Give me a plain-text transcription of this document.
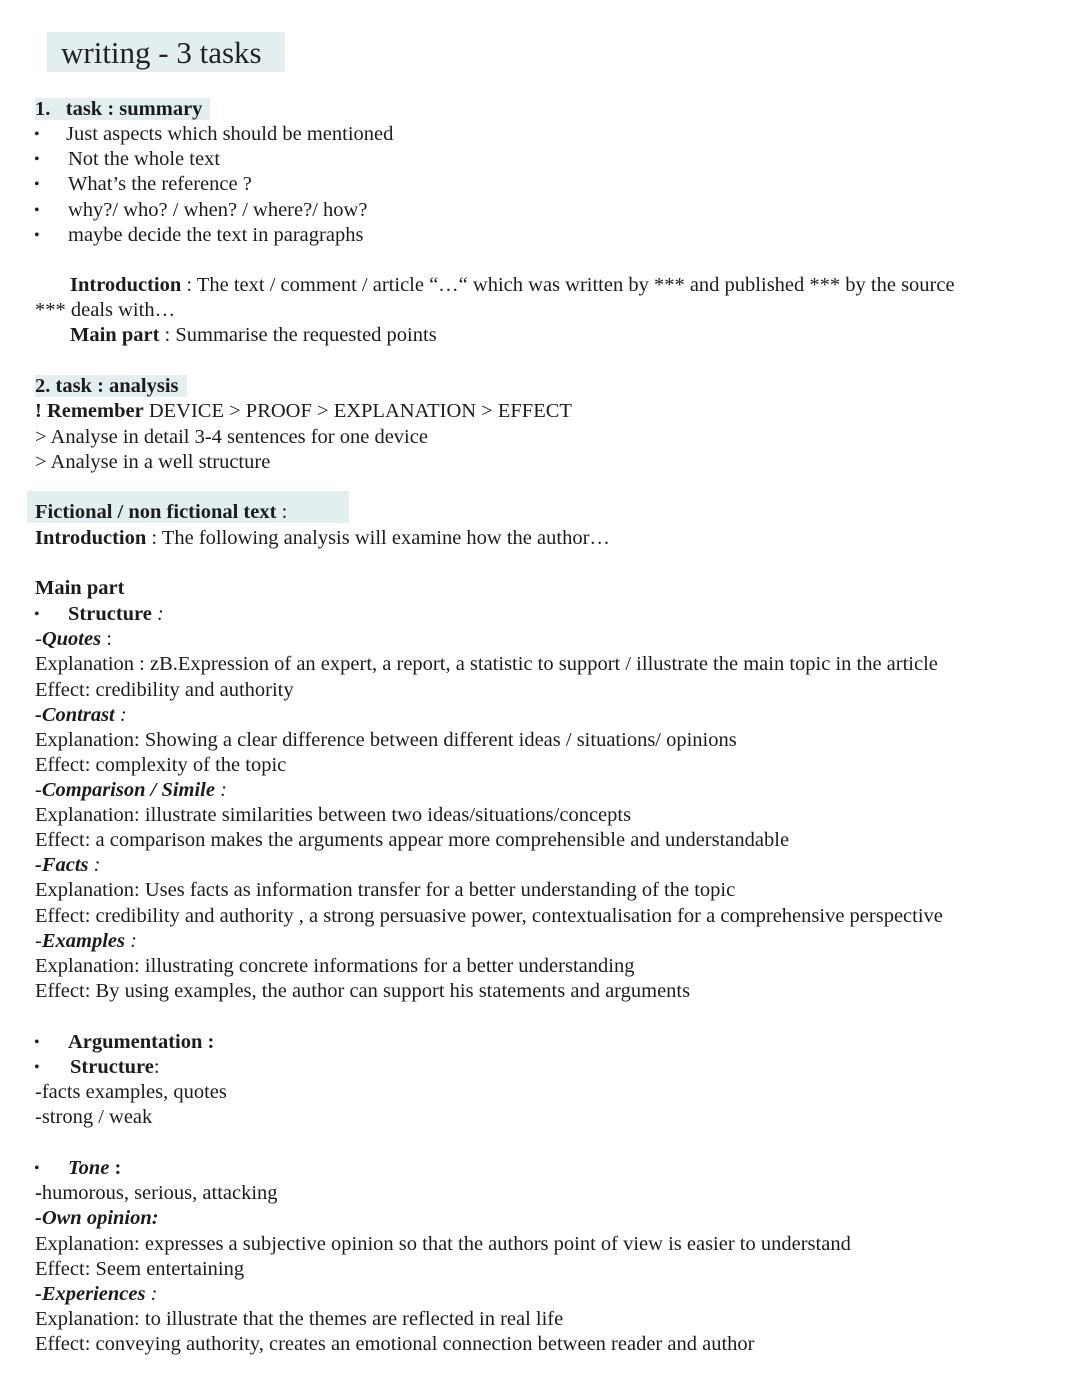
writing - 3 tasks
1. task : summary
• Just aspects which should be mentioned
• Not the whole text
• What’s the reference ?
• why?/ who? / when? / where?/ how?
• maybe decide the text in paragraphs
Introduction : The text / comment / article “…“ which was written by *** and published *** by the source
*** deals with…
Main part : Summarise the requested points
2. task : analysis
! Remember DEVICE > PROOF > EXPLANATION > EFFECT
> Analyse in detail 3-4 sentences for one device
> Analyse in a well structure
Fictional / non fictional text :
Introduction : The following analysis will examine how the author…
Main part
• Structure :
-Quotes :
Explanation : zB.Expression of an expert, a report, a statistic to support / illustrate the main topic in the article
Effect: credibility and authority
-Contrast :
Explanation: Showing a clear difference between different ideas / situations/ opinions
Effect: complexity of the topic
-Comparison / Simile :
Explanation: illustrate similarities between two ideas/situations/concepts
Effect: a comparison makes the arguments appear more comprehensible and understandable
-Facts :
Explanation: Uses facts as information transfer for a better understanding of the topic
Effect: credibility and authority , a strong persuasive power, contextualisation for a comprehensive perspective
-Examples :
Explanation: illustrating concrete informations for a better understanding
Effect: By using examples, the author can support his statements and arguments
• Argumentation :
• Structure:
-facts examples, quotes
-strong / weak
• Tone :
-humorous, serious, attacking
-Own opinion:
Explanation: expresses a subjective opinion so that the authors point of view is easier to understand
Effect: Seem entertaining
-Experiences :
Explanation: to illustrate that the themes are reflected in real life
Effect: conveying authority, creates an emotional connection between reader and author
